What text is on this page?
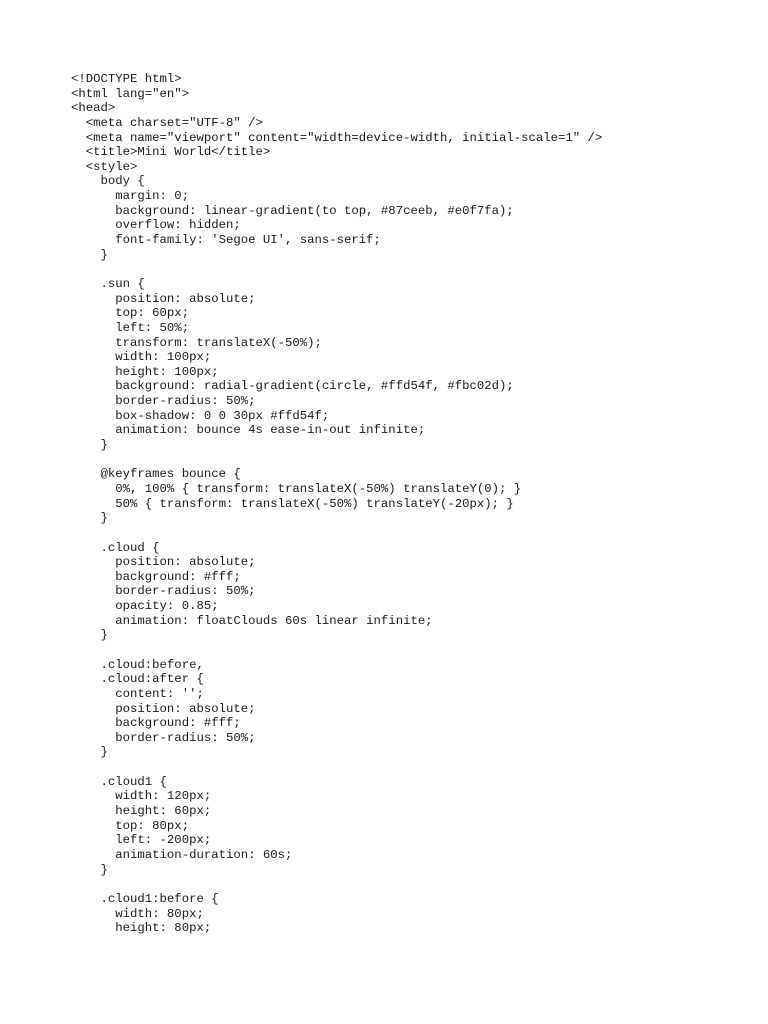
<!DOCTYPE html>
<html lang="en">
<head>
<meta charset="UTF-8" />
<meta name="viewport" content="width=device-width, initial-scale=1" />
<title>Mini World</title>
<style>
body {
margin: 0;
background: linear-gradient(to top, #87ceeb, #e0f7fa);
overflow: hidden;
font-family: 'Segoe UI', sans-serif;
}
.sun {
position: absolute;
top: 60px;
left: 50%;
transform: translateX(-50%);
width: 100px;
height: 100px;
background: radial-gradient(circle, #ffd54f, #fbc02d);
border-radius: 50%;
box-shadow: 0 0 30px #ffd54f;
animation: bounce 4s ease-in-out infinite;
}
@keyframes bounce {
0%, 100% { transform: translateX(-50%) translateY(0); }
50% { transform: translateX(-50%) translateY(-20px); }
}
.cloud {
position: absolute;
background: #fff;
border-radius: 50%;
opacity: 0.85;
animation: floatClouds 60s linear infinite;
}
.cloud:before,
.cloud:after {
content: '';
position: absolute;
background: #fff;
border-radius: 50%;
}
.cloud1 {
width: 120px;
height: 60px;
top: 80px;
left: -200px;
animation-duration: 60s;
}
.cloud1:before {
width: 80px;
height: 80px;
